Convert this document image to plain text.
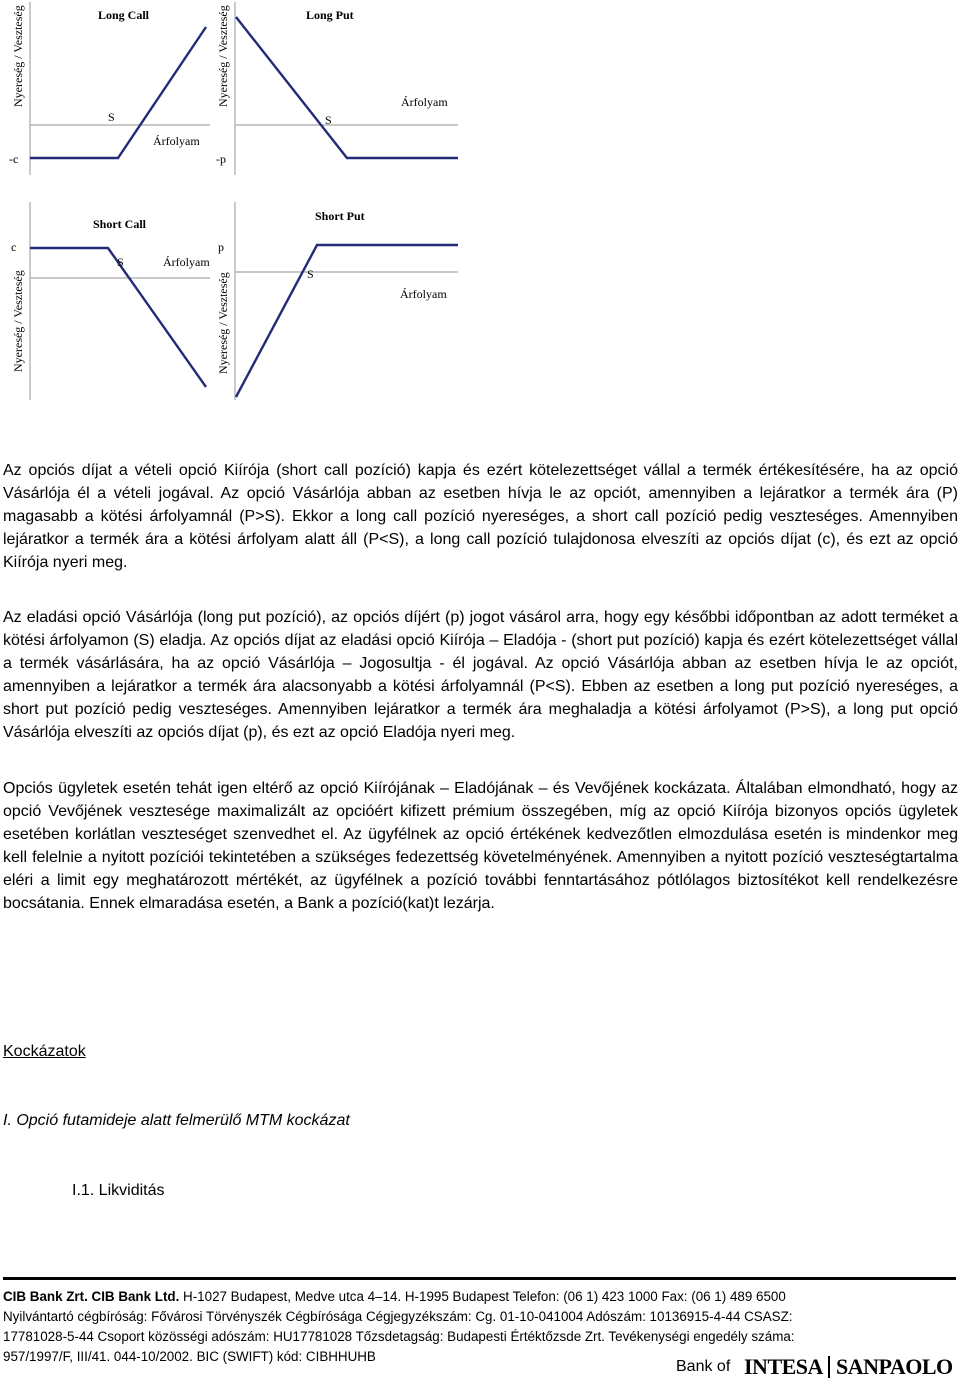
Nyereség / Veszteség	Long Call
S
Árfolyam
-c
Nyereség / Veszteség	Long Put
S
Árfolyam
-p
Nyereség / Veszteség
Short Call
S	Árfolyam
c
Nyereség / Veszteség
Short Put
S
Árfolyam
p

Az opciós díjat a vételi opció Kiírója (short call pozíció) kapja és ezért kötelezettséget vállal a termék értékesítésére, ha az opció Vásárlója él a vételi jogával. Az opció Vásárlója abban az esetben hívja le az opciót, amennyiben a lejáratkor a termék ára (P) magasabb a kötési árfolyamnál (P>S). Ekkor a long call pozíció nyereséges, a short call pozíció pedig veszteséges. Amennyiben lejáratkor a termék ára a kötési árfolyam alatt áll (P<S), a long call pozíció tulajdonosa elveszíti az opciós díjat (c), és ezt az opció Kiírója nyeri meg.

Az eladási opció Vásárlója (long put pozíció), az opciós díjért (p) jogot vásárol arra, hogy egy későbbi időpontban az adott terméket a kötési árfolyamon (S) eladja. Az opciós díjat az eladási opció Kiírója – Eladója - (short put pozíció) kapja és ezért kötelezettséget vállal a termék vásárlására, ha az opció Vásárlója – Jogosultja - él jogával. Az opció Vásárlója abban az esetben hívja le az opciót, amennyiben a lejáratkor a termék ára alacsonyabb a kötési árfolyamnál (P<S). Ebben az esetben a long put pozíció nyereséges, a short put pozíció pedig veszteséges. Amennyiben lejáratkor a termék ára meghaladja a kötési árfolyamot (P>S), a long put opció Vásárlója elveszíti az opciós díjat (p), és ezt az opció Eladója nyeri meg.

Opciós ügyletek esetén tehát igen eltérő az opció Kiírójának – Eladójának – és Vevőjének kockázata. Általában elmondható, hogy az opció Vevőjének vesztesége maximalizált az opcióért kifizett prémium összegében, míg az opció Kiírója bizonyos opciós ügyletek esetében korlátlan veszteséget szenvedhet el. Az ügyfélnek az opció értékének kedvezőtlen elmozdulása esetén is mindenkor meg kell felelnie a nyitott pozíciói tekintetében a szükséges fedezettség követelményének. Amennyiben a nyitott pozíció veszteségtartalma eléri a limit egy meghatározott mértékét, az ügyfélnek a pozíció további fenntartásához pótlólagos biztosítékot kell rendelkezésre bocsátania. Ennek elmaradása esetén, a Bank a pozíció(kat)t lezárja.

Kockázatok

I. Opció futamideje alatt felmerülő MTM kockázat

I.1. Likviditás

CIB Bank Zrt. CIB Bank Ltd. H-1027 Budapest, Medve utca 4–14. H-1995 Budapest Telefon: (06 1) 423 1000 Fax: (06 1) 489 6500
Nyilvántartó cégbíróság: Fővárosi Törvényszék Cégbírósága Cégjegyzékszám: Cg. 01-10-041004 Adószám: 10136915-4-44 CSASZ:
17781028-5-44 Csoport közösségi adószám: HU17781028 Tőzsdetagság: Budapesti Értéktőzsde Zrt. Tevékenységi engedély száma:
957/1997/F, III/41. 044-10/2002. BIC (SWIFT) kód: CIBHHUHB
Bank of INTESA SANPAOLO
